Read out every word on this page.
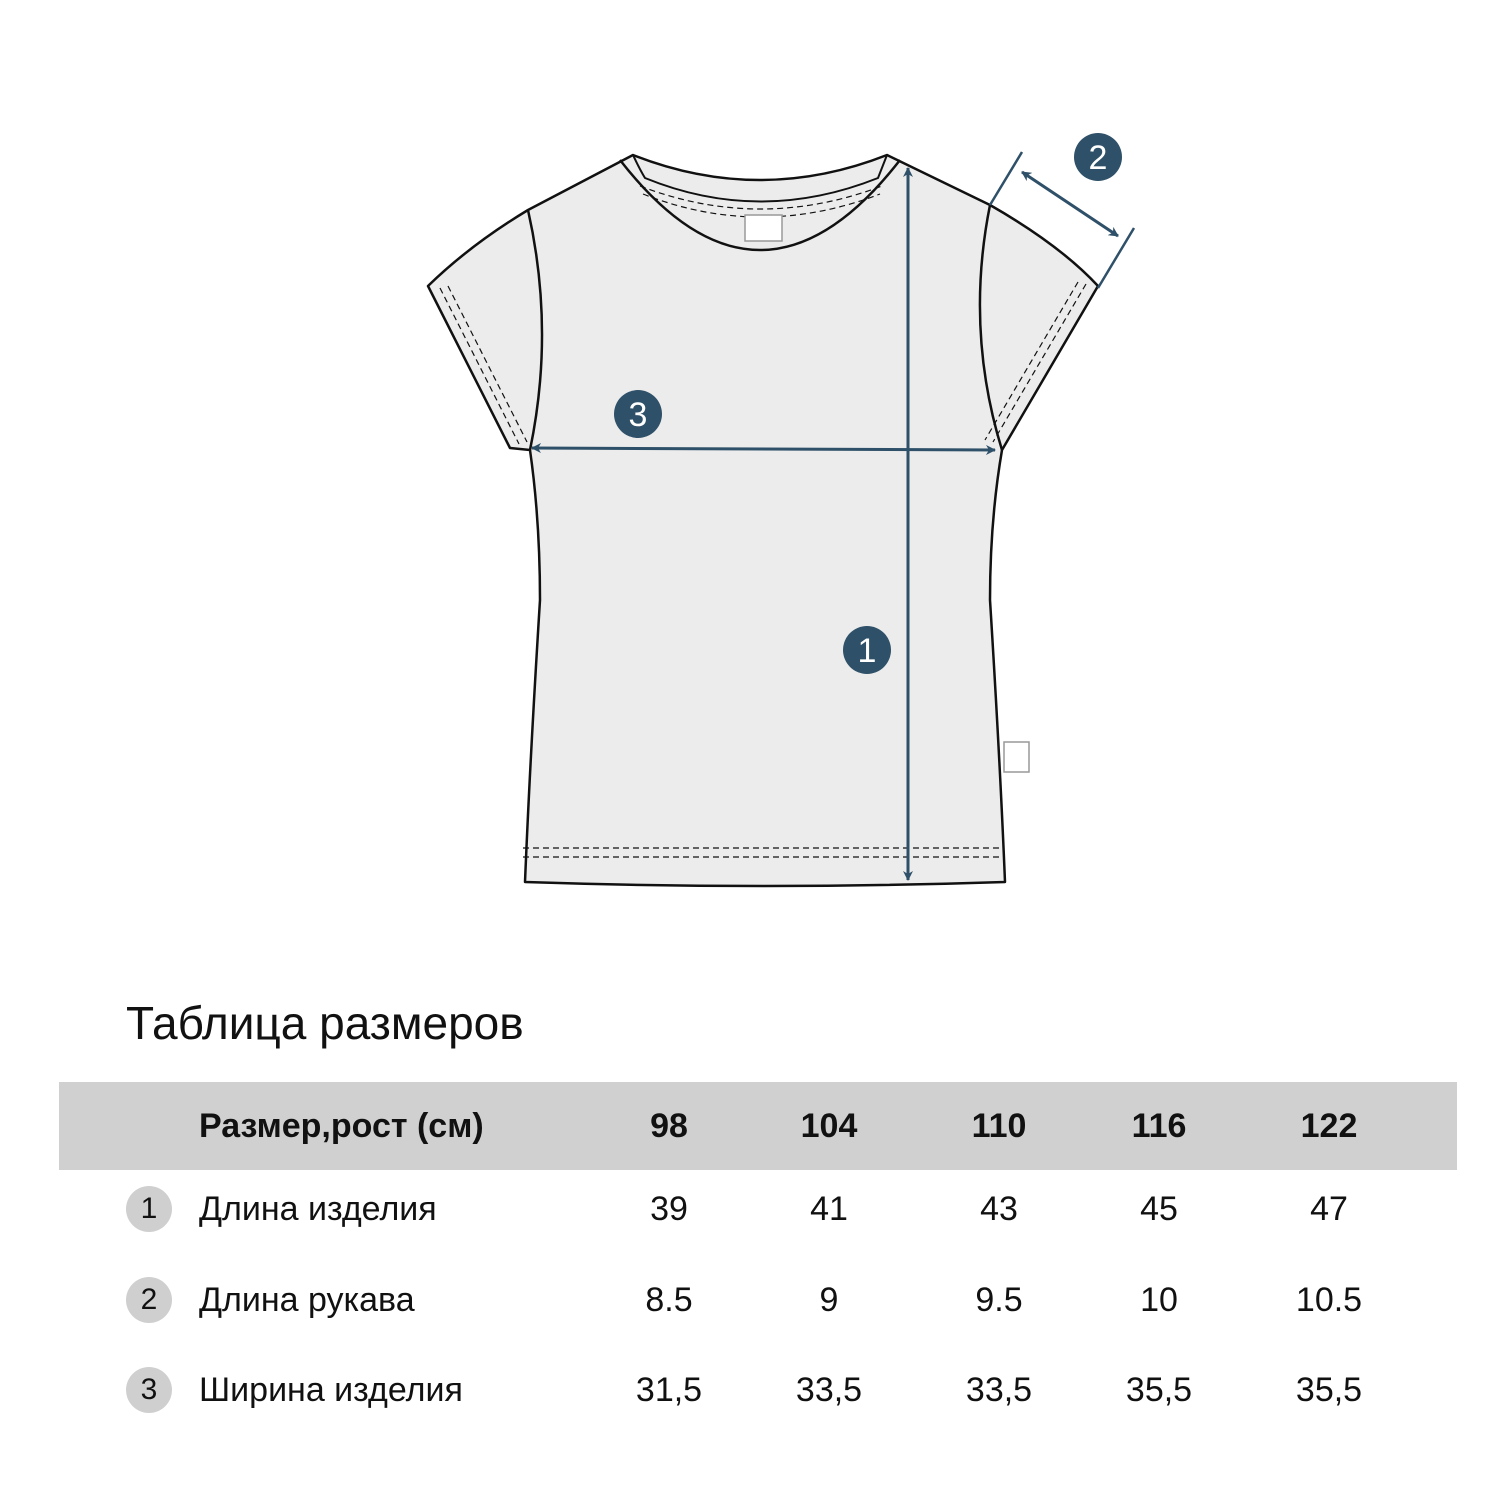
1
2
3
Таблица размеров
Размер,рост (см)	98	104	110	116	122
1	Длина изделия	39	41	43	45	47
2	Длина рукава	8.5	9	9.5	10	10.5
3	Ширина изделия	31,5	33,5	33,5	35,5	35,5
